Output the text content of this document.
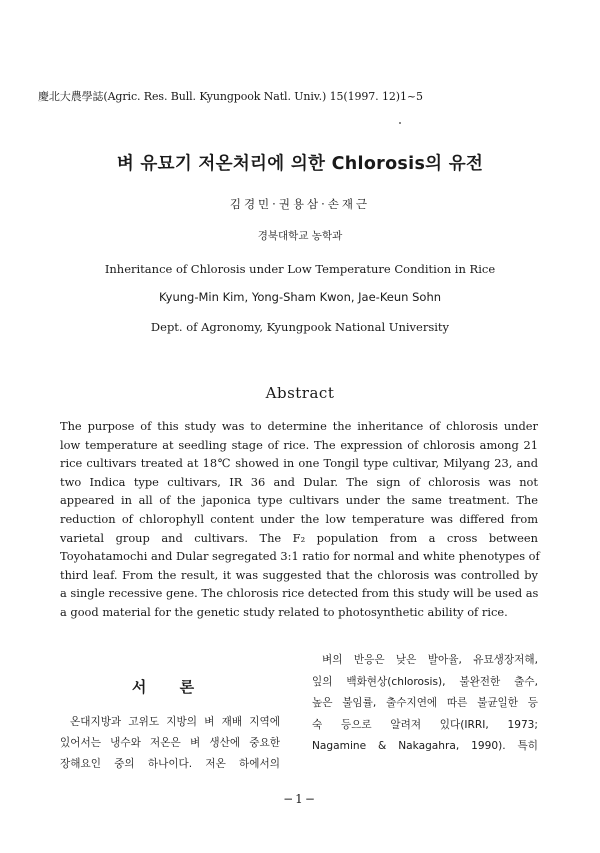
慶北大農學誌(Agric. Res. Bull. Kyungpook Natl. Univ.) 15(1997. 12)1~5
벼 유묘기 저온처리에 의한 Chlorosis의 유전
김경민·권용삼·손재근
경북대학교 농학과
Inheritance of Chlorosis under Low Temperature Condition in Rice
Kyung-Min Kim, Yong-Sham Kwon, Jae-Keun Sohn
Dept. of Agronomy, Kyungpook National University
Abstract
The purpose of this study was to determine the inheritance of chlorosis under
low temperature at seedling stage of rice. The expression of chlorosis among 21
rice cultivars treated at 18℃ showed in one Tongil type cultivar, Milyang 23, and
two Indica type cultivars, IR 36 and Dular. The sign of chlorosis was not
appeared in all of the japonica type cultivars under the same treatment. The
reduction of chlorophyll content under the low temperature was differed from
varietal group and cultivars. The F₂ population from a cross between
Toyohatamochi and Dular segregated 3:1 ratio for normal and white phenotypes of
third leaf. From the result, it was suggested that the chlorosis was controlled by
a single recessive gene. The chlorosis rice detected from this study will be used as
a good material for the genetic study related to photosynthetic ability of rice.
서 론
온대지방과 고위도 지방의 벼 재배 지역에
있어서는 냉수와 저온은 벼 생산에 중요한
장해요인 중의 하나이다. 저온 하에서의
벼의 반응은 낮은 발아율, 유묘생장저해,
잎의 백화현상(chlorosis), 불완전한 출수,
높은 불임률, 출수지연에 따른 불균일한 등
숙 등으로 알려져 있다(IRRI, 1973;
Nagamine & Nakagahra, 1990). 특히
−1−
